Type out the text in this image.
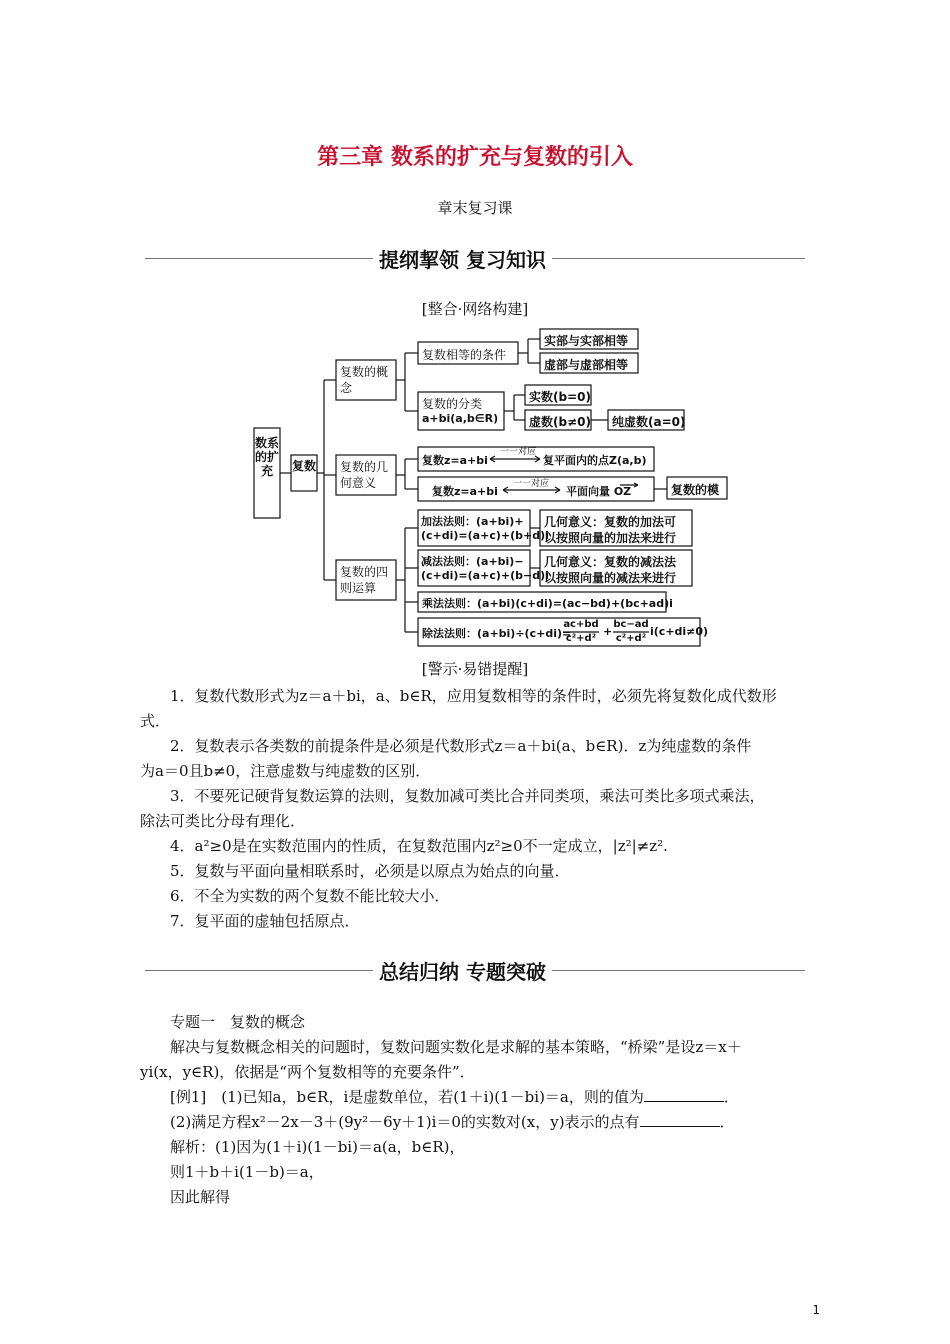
第三章 数系的扩充与复数的引入
章末复习课
提纲挈领 复习知识
[整合·网络构建]
数系的扩充	复数
复数的概念
复数的几何意义
复数的四则运算
复数相等的条件
实部与实部相等
虚部与虚部相等
复数的分类
a+bi(a,b∈R)
实数(b=0)
虚数(b≠0) 纯虚数(a=0)
复数z=a+bi
一一对应
复平面内的点Z(a,b)
复数z=a+bi
一一对应
平面向量 OZ	复数的模
加法法则：(a+bi)+
(c+di)=(a+c)+(b+d)i
几何意义：复数的加法可
以按照向量的加法来进行
减法法则：(a+bi)−
(c+di)=(a+c)+(b−d)i
几何意义：复数的减法法
以按照向量的减法来进行
乘法法则：(a+bi)(c+di)=(ac−bd)+(bc+ad)i
除法法则：(a+bi)÷(c+di)=
ac+bd
c²+d²
+
bc−ad
c²+d²
i(c+di≠0)
[警示·易错提醒]
1．复数代数形式为z＝a＋bi，a、b∈R，应用复数相等的条件时，必须先将复数化成代数形
式．
2．复数表示各类数的前提条件是必须是代数形式z＝a＋bi(a、b∈R)．z为纯虚数的条件
为a＝0且b≠0，注意虚数与纯虚数的区别．
3．不要死记硬背复数运算的法则，复数加减可类比合并同类项，乘法可类比多项式乘法，
除法可类比分母有理化．
4．a²≥0是在实数范围内的性质，在复数范围内z²≥0不一定成立，|z²|≠z².
5．复数与平面向量相联系时，必须是以原点为始点的向量．
6．不全为实数的两个复数不能比较大小．
7．复平面的虚轴包括原点．
总结归纳 专题突破
专题一　复数的概念
解决与复数概念相关的问题时，复数问题实数化是求解的基本策略，“桥梁”是设z＝x＋
yi(x，y∈R)，依据是“两个复数相等的充要条件”．
[例1]　(1)已知a，b∈R，i是虚数单位，若(1＋i)(1－bi)＝a，则的值为	．
(2)满足方程x²－2x－3＋(9y²－6y＋1)i＝0的实数对(x，y)表示的点有	．
解析：(1)因为(1＋i)(1－bi)＝a(a，b∈R)，
则1＋b＋i(1－b)＝a，
因此解得
1
